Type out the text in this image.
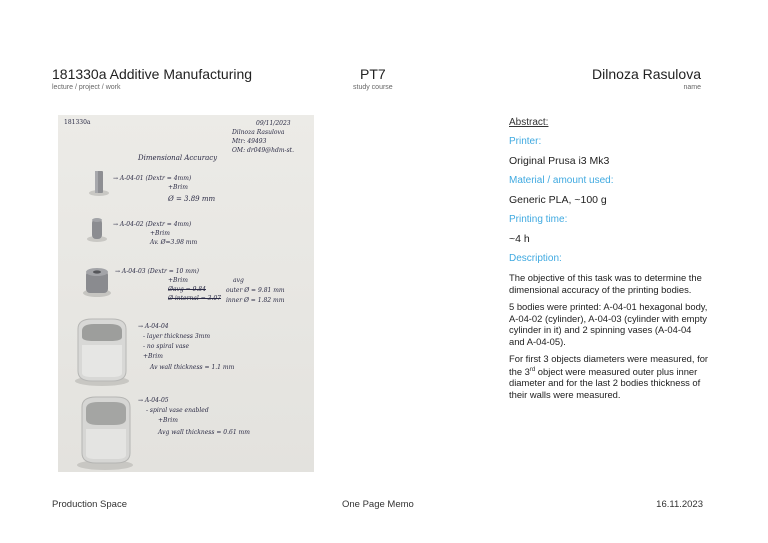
181330a Additive Manufacturing
lecture / project / work
PT7
study course
Dilnoza Rasulova
name
181330a	09/11/2023
Dilnoza Rasulova
Mtr: 49493
OM: dr049@hdm-st.
Dimensional Accuracy
→ A-04-01 (Dextr = 4mm)
+Brim
Ø = 3.89 mm
→ A-04-02 (Dextr = 4mm)
+Brim
Av. Ø=3.98 mm
→ A-04-03 (Dextr = 10 mm)
+Brim
Øavg = 9.84
Ø internal = 3.07
avg
outer Ø = 9.81 mm
inner Ø = 1.82 mm
→ A-04-04
- layer thickness 3mm
- no spiral vase
+Brim
Av wall thickness = 1.1 mm
→ A-04-05
- spiral vase enabled
+Brim
Avg wall thickness = 0.61 mm
Abstract:
Printer:
Original Prusa i3 Mk3
Material / amount used:
Generic PLA, ~100 g
Printing time:
~4 h
Description:
The objective of this task was to determine the dimensional accuracy of the printing bodies.
5 bodies were printed: A-04-01 hexagonal body, A-04-02 (cylinder), A-04-03 (cylinder with empty cylinder in it) and 2 spinning vases (A-04-04 and A-04-05).
For first 3 objects diameters were measured, for the 3rd object were measured outer plus inner diameter and for the last 2 bodies thickness of their walls were measured.
Production Space	One Page Memo	16.11.2023
